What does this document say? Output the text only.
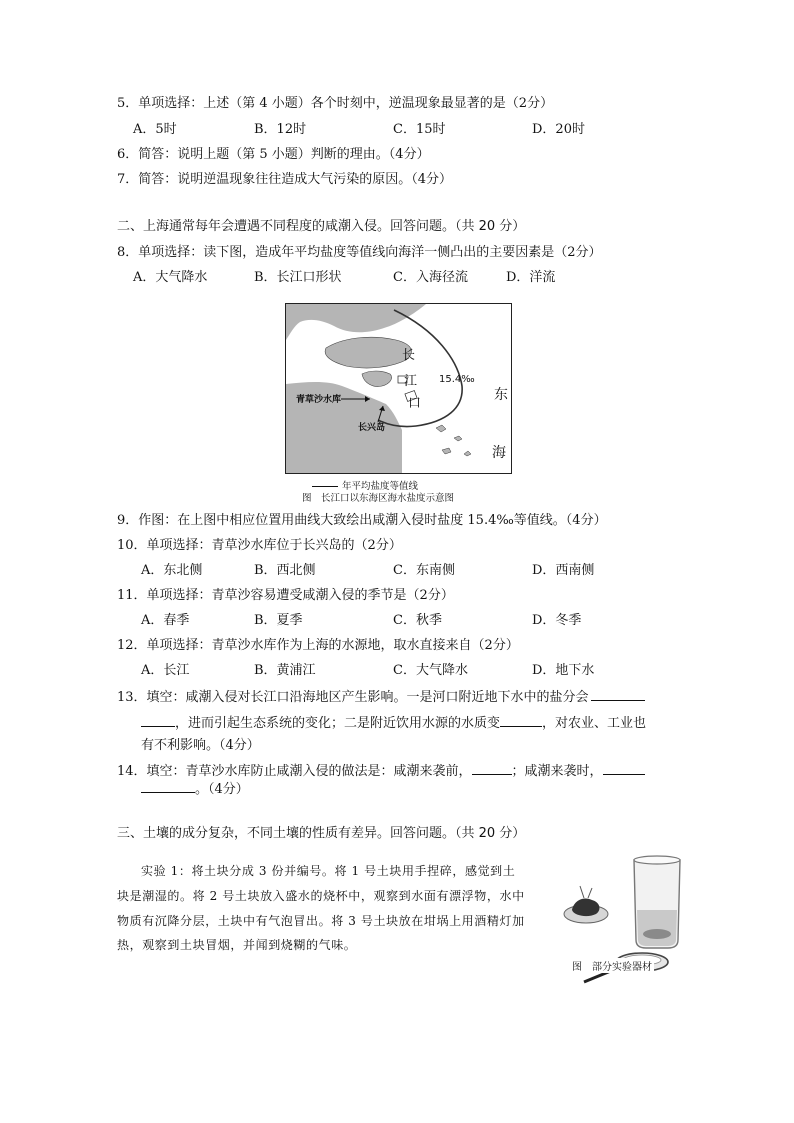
5．单项选择：上述（第 4 小题）各个时刻中，逆温现象最显著的是（2分）
A．5时	B．12时	C．15时	D．20时
6．简答：说明上题（第 5 小题）判断的理由。（4分）
7．简答：说明逆温现象往往造成大气污染的原因。（4分）
二、上海通常每年会遭遇不同程度的咸潮入侵。回答问题。（共 20 分）
8．单项选择：读下图，造成年平均盐度等值线向海洋一侧凸出的主要因素是（2分）
A．大气降水	B．长江口形状	C．入海径流	D．洋流
长
江
口
东
海
15.4‰
青草沙水库
长兴岛
年平均盐度等值线
图　长江口以东海区海水盐度示意图
9．作图：在上图中相应位置用曲线大致绘出咸潮入侵时盐度 15.4‰等值线。（4分）
10．单项选择：青草沙水库位于长兴岛的（2分）
A．东北侧	B．西北侧	C．东南侧	D．西南侧
11．单项选择：青草沙容易遭受咸潮入侵的季节是（2分）
A．春季	B．夏季	C．秋季	D．冬季
12．单项选择：青草沙水库作为上海的水源地，取水直接来自（2分）
A．长江	B．黄浦江	C．大气降水	D．地下水
13．填空：咸潮入侵对长江口沿海地区产生影响。一是河口附近地下水中的盐分会
，进而引起生态系统的变化；二是附近饮用水源的水质变	，对农业、工业也
有不利影响。（4分）
14．填空：青草沙水库防止咸潮入侵的做法是：咸潮来袭前，	；咸潮来袭时，
。（4分）
三、土壤的成分复杂，不同土壤的性质有差异。回答问题。（共 20 分）
实验 1：将土块分成 3 份并编号。将 1 号土块用手捏碎，感觉到土
块是潮湿的。将 2 号土块放入盛水的烧杯中，观察到水面有漂浮物，水中
物质有沉降分层，土块中有气泡冒出。将 3 号土块放在坩埚上用酒精灯加
热，观察到土块冒烟，并闻到烧糊的气味。
图　部分实验器材
